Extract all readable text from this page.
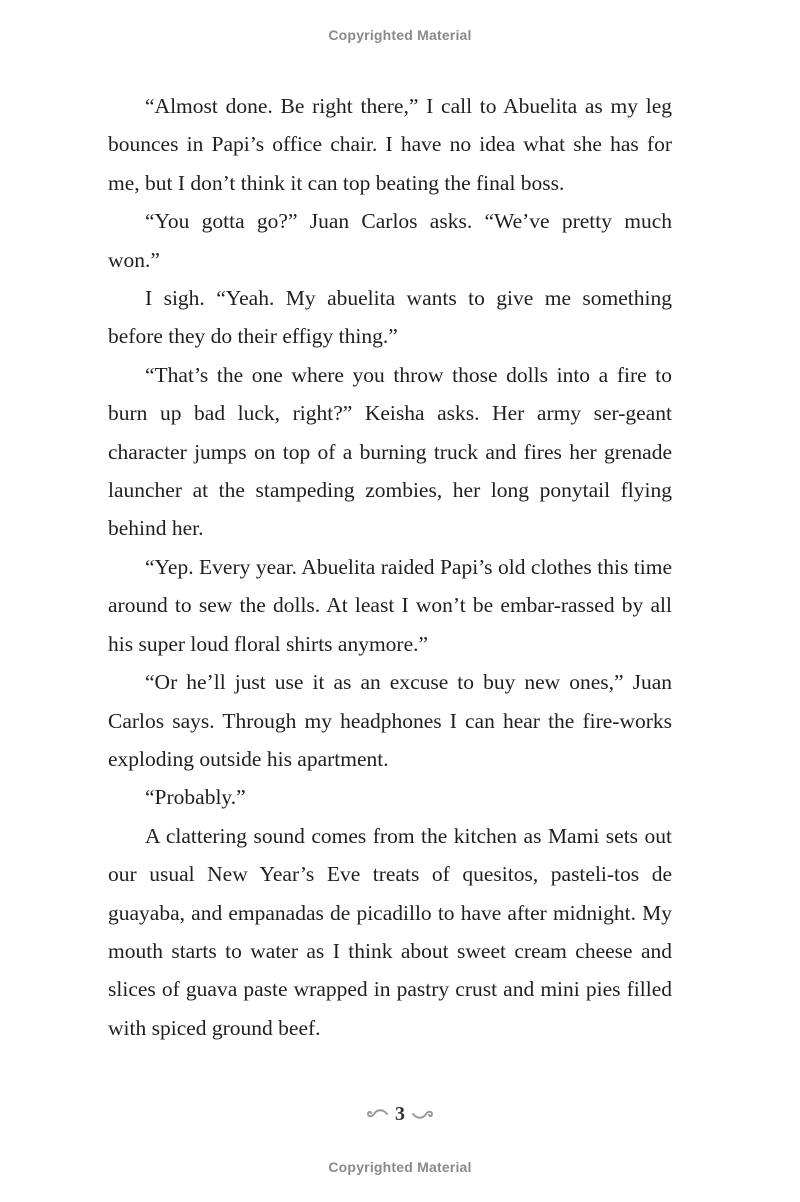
Copyrighted Material

“Almost done. Be right there,” I call to Abuelita as my leg bounces in Papi’s office chair. I have no idea what she has for me, but I don’t think it can top beating the final boss.

“You gotta go?” Juan Carlos asks. “We’ve pretty much won.”

I sigh. “Yeah. My abuelita wants to give me something before they do their effigy thing.”

“That’s the one where you throw those dolls into a fire to burn up bad luck, right?” Keisha asks. Her army ser-geant character jumps on top of a burning truck and fires her grenade launcher at the stampeding zombies, her long ponytail flying behind her.

“Yep. Every year. Abuelita raided Papi’s old clothes this time around to sew the dolls. At least I won’t be embar-rassed by all his super loud floral shirts anymore.”

“Or he’ll just use it as an excuse to buy new ones,” Juan Carlos says. Through my headphones I can hear the fire-works exploding outside his apartment.

“Probably.”

A clattering sound comes from the kitchen as Mami sets out our usual New Year’s Eve treats of quesitos, pasteli-tos de guayaba, and empanadas de picadillo to have after midnight. My mouth starts to water as I think about sweet cream cheese and slices of guava paste wrapped in pastry crust and mini pies filled with spiced ground beef.

3
Copyrighted Material
